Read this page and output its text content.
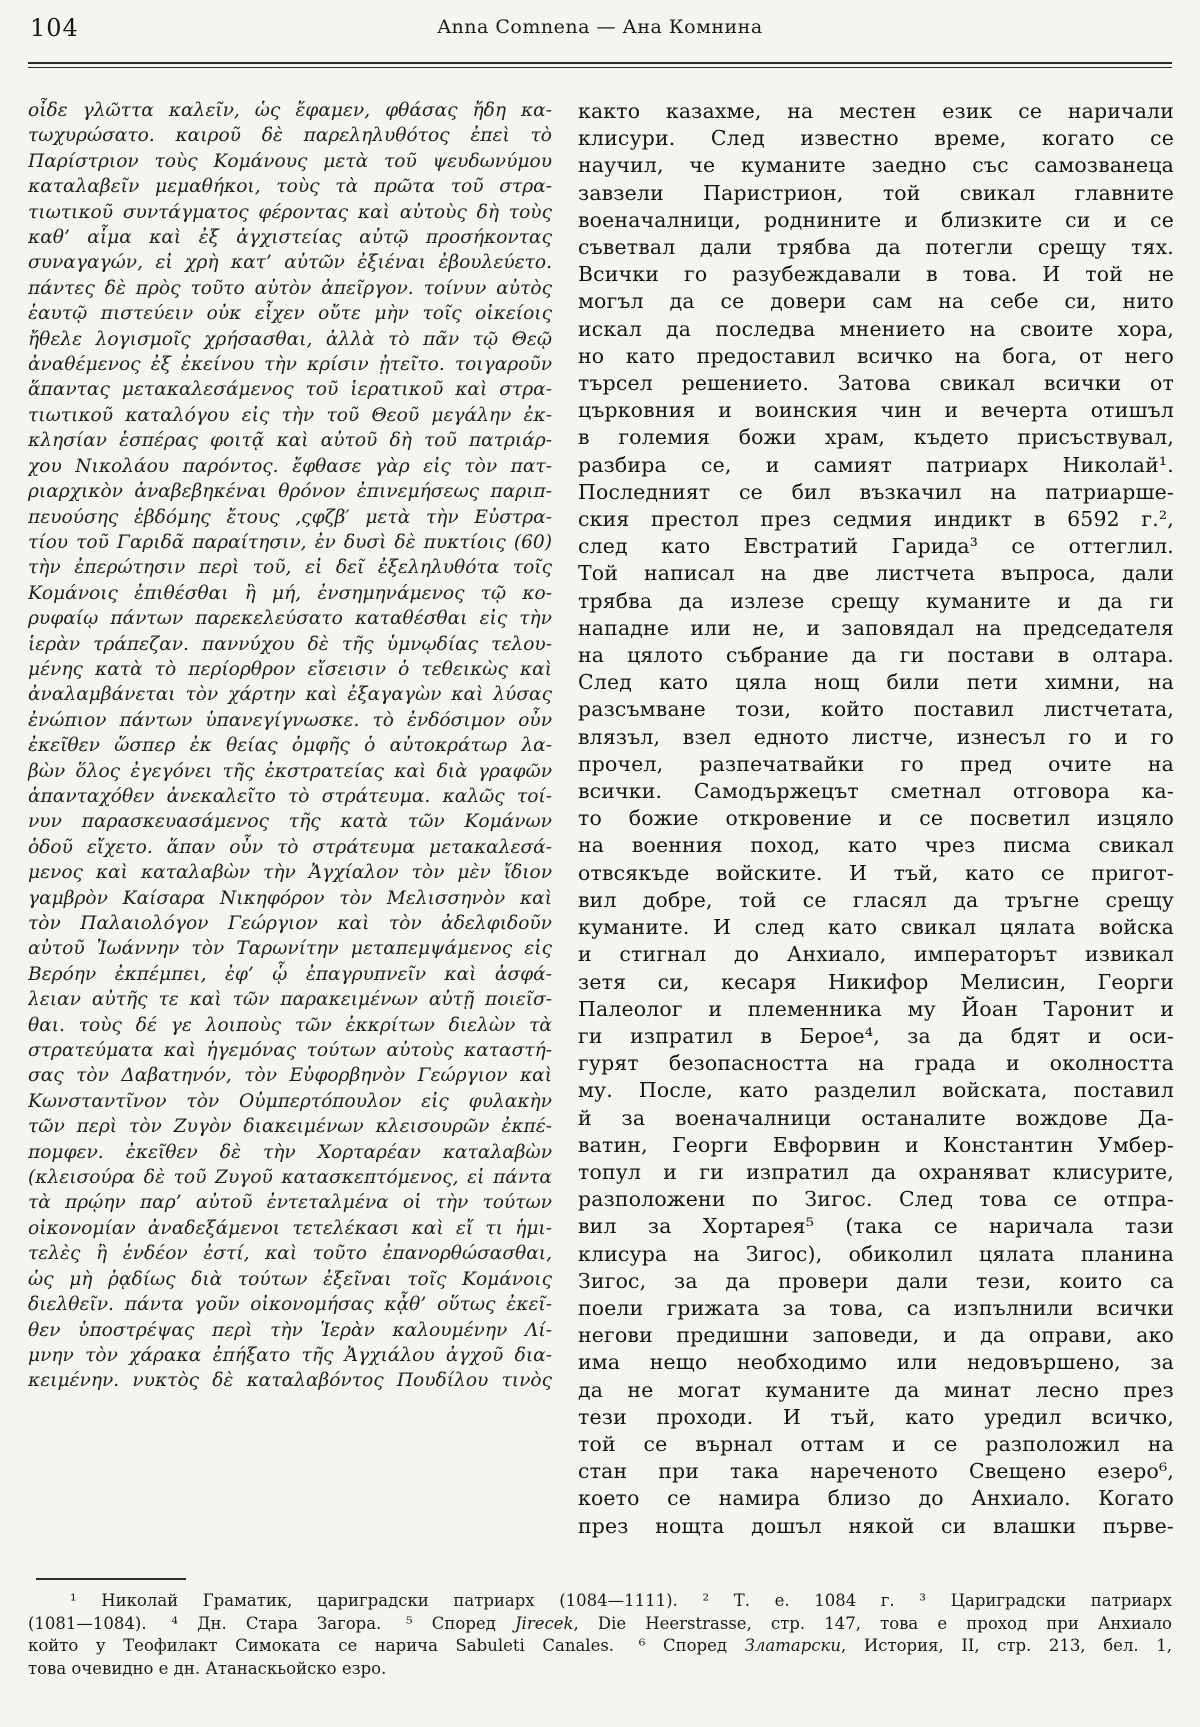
104	Anna Comnena — Ана Комнина
οἶδε γλῶττα καλεῖν, ὡς ἔφαμεν, φθάσας ἤδη κα-
τωχυρώσατο. καιροῦ δὲ παρεληλυθότος ἐπεὶ τὸ
Παρίστριον τοὺς Κομάνους μετὰ τοῦ ψευδωνύμου
καταλαβεῖν μεμαθήκοι, τοὺς τὰ πρῶτα τοῦ στρα-
τιωτικοῦ συντάγματος φέροντας καὶ αὐτοὺς δὴ τοὺς
καθ’ αἷμα καὶ ἐξ ἀγχιστείας αὐτῷ προσήκοντας
συναγαγών, εἰ χρὴ κατ’ αὐτῶν ἐξιέναι ἐβουλεύετο.
πάντες δὲ πρὸς τοῦτο αὐτὸν ἀπεῖργον. τοίνυν αὐτὸς
ἑαυτῷ πιστεύειν οὐκ εἶχεν οὔτε μὴν τοῖς οἰκείοις
ἤθελε λογισμοῖς χρήσασθαι, ἀλλὰ τὸ πᾶν τῷ Θεῷ
ἀναθέμενος ἐξ ἐκείνου τὴν κρίσιν ᾐτεῖτο. τοιγαροῦν
ἅπαντας μετακαλεσάμενος τοῦ ἱερατικοῦ καὶ στρα-
τιωτικοῦ καταλόγου εἰς τὴν τοῦ Θεοῦ μεγάλην ἐκ-
κλησίαν ἑσπέρας φοιτᾷ καὶ αὐτοῦ δὴ τοῦ πατριάρ-
χου Νικολάου παρόντος. ἔφθασε γὰρ εἰς τὸν πατ-
ριαρχικὸν ἀναβεβηκέναι θρόνον ἐπινεμήσεως παριπ-
πευούσης ἑβδόμης ἔτους ,ςφζβ′ μετὰ τὴν Εὐστρα-
τίου τοῦ Γαριδᾶ παραίτησιν, ἐν δυσὶ δὲ πυκτίοις (60)
τὴν ἐπερώτησιν περὶ τοῦ, εἰ δεῖ ἐξεληλυθότα τοῖς
Κομάνοις ἐπιθέσθαι ἢ μή, ἐνσημηνάμενος τῷ κο-
ρυφαίῳ πάντων παρεκελεύσατο καταθέσθαι εἰς τὴν
ἱερὰν τράπεζαν. παννύχου δὲ τῆς ὑμνῳδίας τελου-
μένης κατὰ τὸ περίορθρον εἴσεισιν ὁ τεθεικὼς καὶ
ἀναλαμβάνεται τὸν χάρτην καὶ ἐξαγαγὼν καὶ λύσας
ἐνώπιον πάντων ὑπανεγίγνωσκε. τὸ ἐνδόσιμον οὖν
ἐκεῖθεν ὥσπερ ἐκ θείας ὀμφῆς ὁ αὐτοκράτωρ λα-
βὼν ὅλος ἐγεγόνει τῆς ἐκστρατείας καὶ διὰ γραφῶν
ἁπανταχόθεν ἀνεκαλεῖτο τὸ στράτευμα. καλῶς τοί-
νυν παρασκευασάμενος τῆς κατὰ τῶν Κομάνων
ὁδοῦ εἴχετο. ἅπαν οὖν τὸ στράτευμα μετακαλεσά-
μενος καὶ καταλαβὼν τὴν Ἀγχίαλον τὸν μὲν ἴδιον
γαμβρὸν Καίσαρα Νικηφόρον τὸν Μελισσηνὸν καὶ
τὸν Παλαιολόγον Γεώργιον καὶ τὸν ἀδελφιδοῦν
αὐτοῦ Ἰωάννην τὸν Ταρωνίτην μεταπεμψάμενος εἰς
Βερόην ἐκπέμπει, ἐφ’ ᾧ ἐπαγρυπνεῖν καὶ ἀσφά-
λειαν αὐτῆς τε καὶ τῶν παρακειμένων αὐτῇ ποιεῖσ-
θαι. τοὺς δέ γε λοιποὺς τῶν ἐκκρίτων διελὼν τὰ
στρατεύματα καὶ ἡγεμόνας τούτων αὐτοὺς καταστή-
σας τὸν Δαβατηνόν, τὸν Εὐφορβηνὸν Γεώργιον καὶ
Κωνσταντῖνον τὸν Οὐμπερτόπουλον εἰς φυλακὴν
τῶν περὶ τὸν Ζυγὸν διακειμένων κλεισουρῶν ἐκπέ-
πομφεν. ἐκεῖθεν δὲ τὴν Χορταρέαν καταλαβὼν
(κλεισούρα δὲ τοῦ Ζυγοῦ κατασκεπτόμενος, εἰ πάντα
τὰ πρῴην παρ’ αὐτοῦ ἐντεταλμένα οἱ τὴν τούτων
οἰκονομίαν ἀναδεξάμενοι τετελέκασι καὶ εἴ τι ἡμι-
τελὲς ἢ ἐνδέον ἐστί, καὶ τοῦτο ἐπανορθώσασθαι,
ὡς μὴ ῥᾳδίως διὰ τούτων ἐξεῖναι τοῖς Κομάνοις
διελθεῖν. πάντα γοῦν οἰκονομήσας κᾆθ’ οὕτως ἐκεῖ-
θεν ὑποστρέψας περὶ τὴν Ἱερὰν καλουμένην Λί-
μνην τὸν χάρακα ἐπήξατο τῆς Ἀγχιάλου ἀγχοῦ δια-
κειμένην. νυκτὸς δὲ καταλαβόντος Πουδίλου τινὸς
както казахме, на местен език се наричали
клисури. След известно време, когато се
научил, че куманите заедно със самозванеца
завзели Паристрион, той свикал главните
военачалници, роднините и близките си и се
съветвал дали трябва да потегли срещу тях.
Всички го разубеждавали в това. И той не
могъл да се довери сам на себе си, нито
искал да последва мнението на своите хора,
но като предоставил всичко на бога, от него
търсел решението. Затова свикал всички от
църковния и воинския чин и вечерта отишъл
в големия божи храм, където присъствувал,
разбира се, и самият патриарх Николай¹.
Последният се бил възкачил на патриарше-
ския престол през седмия индикт в 6592 г.²,
след като Евстратий Гарида³ се оттеглил.
Той написал на две листчета въпроса, дали
трябва да излезе срещу куманите и да ги
нападне или не, и заповядал на председателя
на цялото събрание да ги постави в олтара.
След като цяла нощ били пети химни, на
разсъмване този, който поставил листчетата,
влязъл, взел едното листче, изнесъл го и го
прочел, разпечатвайки го пред очите на
всички. Самодържецът сметнал отговора ка-
то божие откровение и се посветил изцяло
на военния поход, като чрез писма свикал
отвсякъде войските. И тъй, като се пригот-
вил добре, той се гласял да тръгне срещу
куманите. И след като свикал цялата войска
и стигнал до Анхиало, императорът извикал
зетя си, кесаря Никифор Мелисин, Георги
Палеолог и племенника му Йоан Таронит и
ги изпратил в Берое⁴, за да бдят и оси-
гурят безопасността на града и околността
му. После, като разделил войската, поставил
й за военачалници останалите вождове Да-
ватин, Георги Евфорвин и Константин Умбер-
топул и ги изпратил да охраняват клисурите,
разположени по Зигос. След това се отпра-
вил за Хортарея⁵ (така се наричала тази
клисура на Зигос), обиколил цялата планина
Зигос, за да провери дали тези, които са
поели грижата за това, са изпълнили всички
негови предишни заповеди, и да оправи, ако
има нещо необходимо или недовършено, за
да не могат куманите да минат лесно през
тези проходи. И тъй, като уредил всичко,
той се върнал оттам и се разположил на
стан при така нареченото Свещено езеро⁶,
което се намира близо до Анхиало. Когато
през нощта дошъл някой си влашки първе-
¹ Николай Граматик, цариградски патриарх (1084—1111).  ² Т. е. 1084 г.  ³ Цариградски патриарх
(1081—1084).  ⁴ Дн. Стара Загора.  ⁵ Според Jirecek, Die Heerstrasse, стр. 147, това е проход при Анхиало
който у Теофилакт Симоката се нарича Sabuleti Canales.  ⁶ Според Златарски, История, II, стр. 213, бел. 1,
това очевидно е дн. Атанаскьойско езро.
